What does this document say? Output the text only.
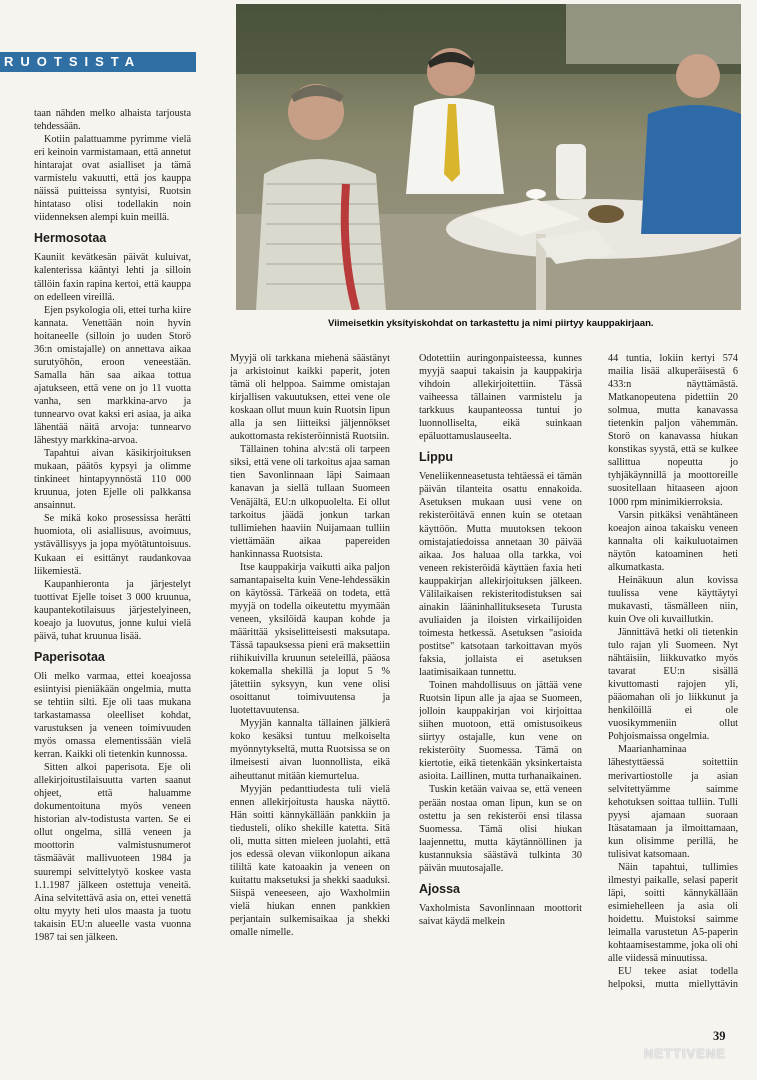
RUOTSISTA
Viimeisetkin yksityiskohdat on tarkastettu ja nimi piirtyy kauppakirjaan.

taan nähden melko alhaista tarjousta tehdessään.

Kotiin palattuamme pyrimme vielä eri keinoin varmistamaan, että annetut hintarajat ovat asialliset ja tämä varmistelu vakuutti, että jos kauppa näissä puitteissa syntyisi, Ruotsin hintataso olisi todellakin noin viidenneksen alempi kuin meillä.

Hermosotaa

Kauniit kevätkesän päivät kuluivat, kalenterissa kääntyi lehti ja silloin tällöin faxin rapina kertoi, että kauppa on edelleen vireillä.

Ejen psykologia oli, ettei turha kiire kannata. Venettään noin hyvin hoitaneelle (silloin jo uuden Storö 36:n omistajalle) on annettava aikaa surutyöhön, eroon veneestään. Samalla hän saa aikaa tottua ajatukseen, että vene on jo 11 vuotta vanha, sen markkina-arvo ja tunnearvo ovat kaksi eri asiaa, ja aika lähentää näitä arvoja: tunnearvo lähestyy markkina-arvoa.

Tapahtui aivan käsikirjoituksen mukaan, päätös kypsyi ja olimme tinkineet hintapyynnöstä 110 000 kruunua, joten Ejelle oli palkkansa ansainnut.

Se mikä koko prosessissa herätti huomiota, oli asiallisuus, avoimuus, ystävällisyys ja jopa myötätuntoisuus. Kukaan ei esittänyt raudankovaa liikemiestä.

Kaupanhieronta ja järjestelyt tuottivat Ejelle toiset 3 000 kruunua, kaupantekotilaisuus järjestelyineen, koeajo ja luovutus, jonne kului vielä päivä, tuhat kruunua lisää.

Paperisotaa

Oli melko varmaa, ettei koeajossa esiintyisi pieniäkään ongelmia, mutta se tehtiin silti. Eje oli taas mukana tarkastamassa oleelliset kohdat, varustuksen ja veneen toimivuuden myös omassa elementissään vielä kerran. Kaikki oli tietenkin kunnossa.

Sitten alkoi paperisota. Eje oli allekirjoitustilaisuutta varten saanut ohjeet, että haluamme dokumentoituna myös veneen historian alv-todistusta varten. Se ei ollut ongelma, sillä veneen ja moottorin valmistusnumerot täsmäävät mallivuoteen 1984 ja suurempi selvittelytyö koskee vasta 1.1.1987 jälkeen ostettuja veneitä. Aina selvitettävä asia on, ettei venettä oltu myyty heti ulos maasta ja tuotu takaisin EU:n alueelle vasta vuonna 1987 tai sen jälkeen.

Myyjä oli tarkkana miehenä säästänyt ja arkistoinut kaikki paperit, joten tämä oli helppoa. Saimme omistajan kirjallisen vakuutuksen, ettei vene ole koskaan ollut muun kuin Ruotsin lipun alla ja sen liitteiksi jäljennökset aukottomasta rekisteröinnistä Ruotsiin.

Tällainen tohina alv:stä oli tarpeen siksi, että vene oli tarkoitus ajaa saman tien Savonlinnaan läpi Saimaan kanavan ja siellä tullaan Suomeen Venäjältä, EU:n ulkopuolelta. Ei ollut tarkoitus jäädä jonkun tarkan tullimiehen haaviin Nuijamaan tulliin viettämään aikaa papereiden hankinnassa Ruotsista.

Itse kauppakirja vaikutti aika paljon samantapaiselta kuin Vene-lehdessäkin on käytössä. Tärkeää on todeta, että myyjä on todella oikeutettu myymään veneen, yksilöidä kaupan kohde ja määrittää yksiselitteisesti maksutapa. Tässä tapauksessa pieni erä maksettiin riihikuivilla kruunun seteleillä, pääosa kokemalla shekillä ja loput 5 % jätettiin syksyyn, kun vene olisi osoittanut toimivuutensa ja luotettavuutensa.

Myyjän kannalta tällainen jälkierä koko kesäksi tuntuu melkoiselta myönnytykseltä, mutta Ruotsissa se on ilmeisesti aivan luonnollista, eikä aiheuttanut mitään kiemurtelua.

Myyjän pedanttiudesta tuli vielä ennen allekirjoitusta hauska näyttö. Hän soitti kännykällään pankkiin ja tiedusteli, oliko shekille katetta. Sitä oli, mutta sitten mieleen juolahti, että jos edessä olevan viikonlopun aikana tililtä kate katoaakin ja veneen on kuitattu maksetuksi ja shekki saaduksi. Siispä veneeseen, ajo Waxholmiin vielä hiukan ennen pankkien perjantain sulkemisaikaa ja shekki omalle nimelle.

Odotettiin auringonpaisteessa, kunnes myyjä saapui takaisin ja kauppakirja vihdoin allekirjoitettiin. Tässä vaiheessa tällainen varmistelu ja tarkkuus kaupanteossa tuntui jo luonnolliselta, eikä suinkaan epäluottamuslauseelta.

Lippu

Veneliikenneasetusta tehtäessä ei tämän päivän tilanteita osattu ennakoida. Asetuksen mukaan uusi vene on rekisteröitävä ennen kuin se otetaan käyttöön. Mutta muutoksen tekoon omistajatiedoissa annetaan 30 päivää aikaa. Jos haluaa olla tarkka, voi veneen rekisteröidä käyttäen faxia heti kauppakirjan allekirjoituksen jälkeen. Välilaikaisen rekisteritodistuksen sai ainakin lääninhallitukseseta Turusta avuliaiden ja iloisten virkailijoiden toimesta hetkessä. Asetuksen "asioida postitse" katsotaan tarkoittavan myös faksia, jollaista ei asetuksen laatimisaikaan tunnettu.

Toinen mahdollisuus on jättää vene Ruotsin lipun alle ja ajaa se Suomeen, jolloin kauppakirjan voi kirjoittaa siihen muotoon, että omistusoikeus siirtyy ostajalle, kun vene on rekisteröity Suomessa. Tämä on kiertotie, eikä tietenkään yksinkertaista asioita. Laillinen, mutta turhanaikainen.

Tuskin ketään vaivaa se, että veneen perään nostaa oman lipun, kun se on ostettu ja sen rekisteröi ensi tilassa Suomessa. Tämä olisi hiukan laajennettu, mutta käytännöllinen ja kustannuksia säästävä tulkinta 30 päivän muutosajalle.

Ajossa

Vaxholmista Savonlinnaan moottorit saivat käydä melkein

44 tuntia, lokiin kertyi 574 mailia lisää alkuperäisestä 6 433:n näyttämästä. Matkanopeutena pidettiin 20 solmua, mutta kanavassa tietenkin paljon vähemmän. Storö on kanavassa hiukan konstikas syystä, että se kulkee sallittua nopeutta jo tyhjäkäynnillä ja moottoreille suositellaan hitaaseen ajoon 1000 rpm minimikierroksia.

Varsin pitkäksi venähtäneen koeajon ainoa takaisku veneen kannalta oli kaikuluotaimen näytön katoaminen heti alkumatkasta.

Heinäkuun alun kovissa tuulissa vene käyttäytyi mukavasti, täsmälleen niin, kuin Ove oli kuvaillutkin.

Jännittävä hetki oli tietenkin tulo rajan yli Suomeen. Nyt nähtäisiin, liikkuvatko myös tavarat EU:n sisällä kivuttomasti rajojen yli, pääomahan oli jo liikkunut ja henkilöillä ei ole vuosikymmeniin ollut Pohjoismaissa ongelmia.

Maarianhaminaa lähestyttäessä soitettiin merivartiostolle ja asian selvitettyämme saimme kehotuksen soittaa tulliin. Tulli pyysi ajamaan suoraan Itäsatamaan ja ilmoittamaan, kun olisimme perillä, he tulisivat katsomaan.

Näin tapahtui, tullimies ilmestyi paikalle, selasi paperit läpi, soitti kännykällään esimiehelleen ja asia oli hoidettu. Muistoksi saimme leimalla varustetun A5-paperin kohtaamisestamme, joka oli ohi alle viidessä minuutissa.

EU tekee asiat todella helpoksi, mutta miellyttävin

39
NETTIVENE
